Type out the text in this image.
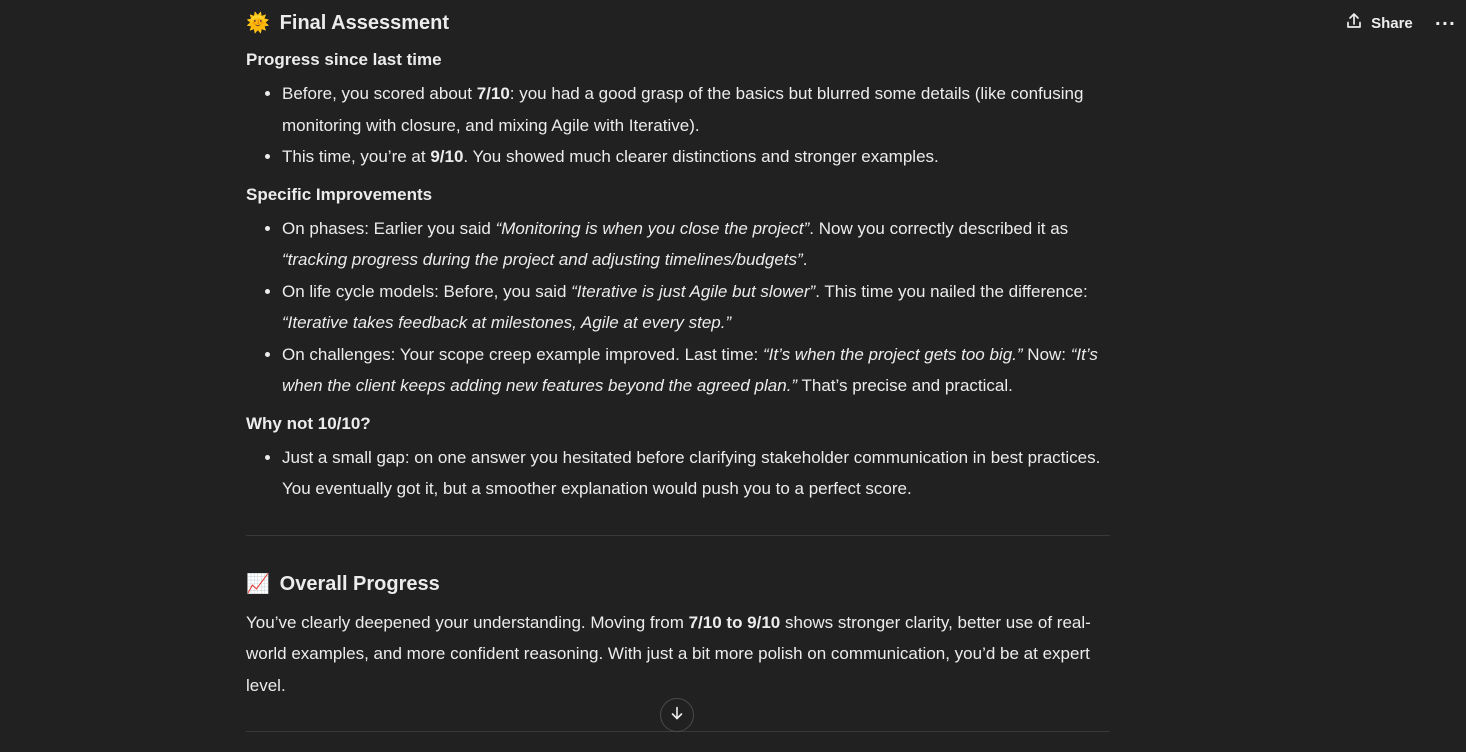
Share ···
🌞 Final Assessment

Progress since last time

• Before, you scored about 7/10: you had a good grasp of the basics but blurred some details (like confusing monitoring with closure, and mixing Agile with Iterative).
• This time, you’re at 9/10. You showed much clearer distinctions and stronger examples.

Specific Improvements

• On phases: Earlier you said “Monitoring is when you close the project”. Now you correctly described it as “tracking progress during the project and adjusting timelines/budgets”.
• On life cycle models: Before, you said “Iterative is just Agile but slower”. This time you nailed the difference: “Iterative takes feedback at milestones, Agile at every step.”
• On challenges: Your scope creep example improved. Last time: “It’s when the project gets too big.” Now: “It’s when the client keeps adding new features beyond the agreed plan.” That’s precise and practical.

Why not 10/10?

• Just a small gap: on one answer you hesitated before clarifying stakeholder communication in best practices. You eventually got it, but a smoother explanation would push you to a perfect score.
📈 Overall Progress

You’ve clearly deepened your understanding. Moving from 7/10 to 9/10 shows stronger clarity, better use of real-world examples, and more confident reasoning. With just a bit more polish on communication, you’d be at expert level.
